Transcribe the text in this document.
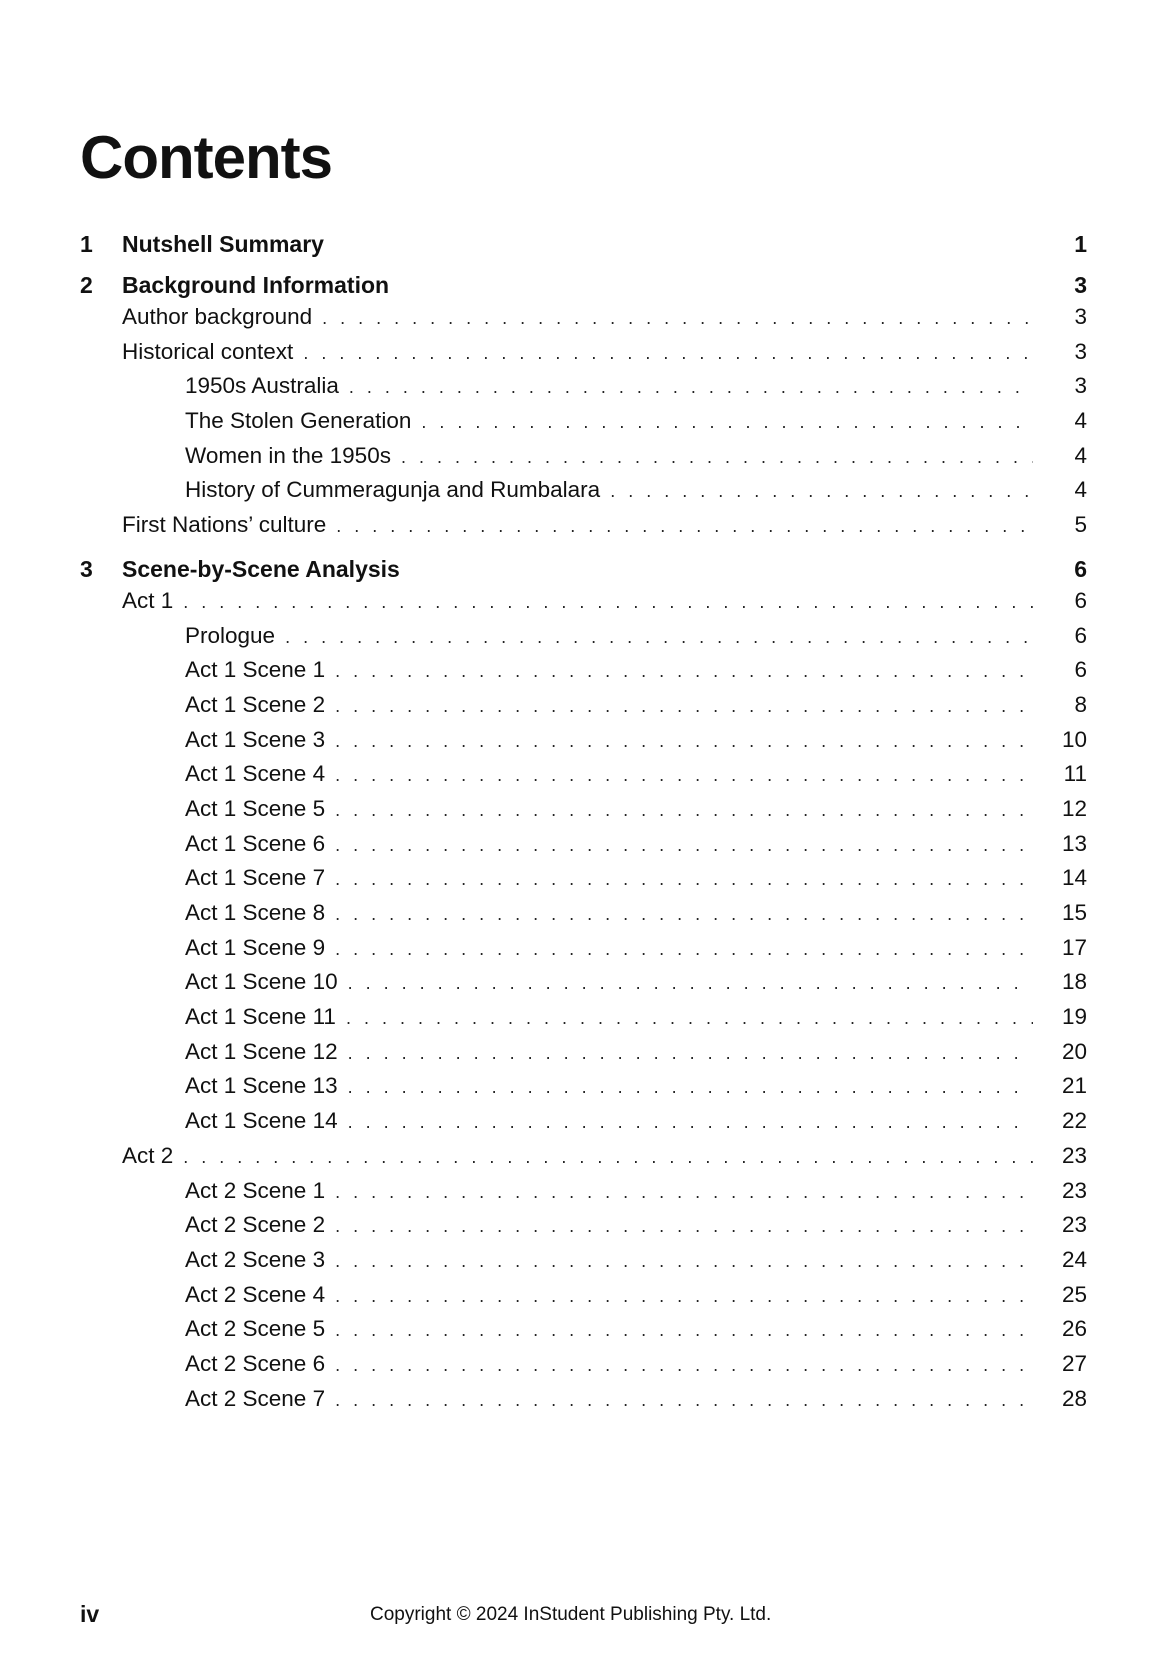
Contents
1 Nutshell Summary	1
2 Background Information	3
Author background . . .	3
Historical context . . .	3
1950s Australia . . .	3
The Stolen Generation . . .	4
Women in the 1950s . . .	4
History of Cummeragunja and Rumbalara . . .	4
First Nations’ culture . . .	5
3 Scene-by-Scene Analysis	6
Act 1 . . .	6
Prologue . . .	6
Act 1 Scene 1 . . .	6
Act 1 Scene 2 . . .	8
Act 1 Scene 3 . . .	10
Act 1 Scene 4 . . .	11
Act 1 Scene 5 . . .	12
Act 1 Scene 6 . . .	13
Act 1 Scene 7 . . .	14
Act 1 Scene 8 . . .	15
Act 1 Scene 9 . . .	17
Act 1 Scene 10 . . .	18
Act 1 Scene 11 . . .	19
Act 1 Scene 12 . . .	20
Act 1 Scene 13 . . .	21
Act 1 Scene 14 . . .	22
Act 2 . . .	23
Act 2 Scene 1 . . .	23
Act 2 Scene 2 . . .	23
Act 2 Scene 3 . . .	24
Act 2 Scene 4 . . .	25
Act 2 Scene 5 . . .	26
Act 2 Scene 6 . . .	27
Act 2 Scene 7 . . .	28
iv	Copyright © 2024 InStudent Publishing Pty. Ltd.
